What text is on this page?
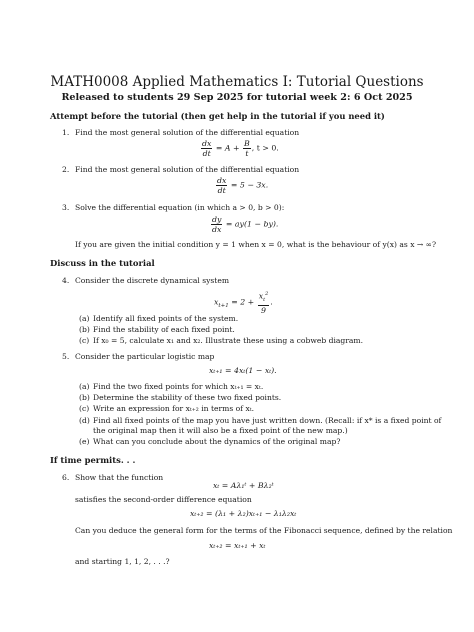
MATH0008 Applied Mathematics I: Tutorial Questions
Released to students 29 Sep 2025 for tutorial week 2: 6 Oct 2025
Attempt before the tutorial (then get help in the tutorial if you need it)
1. Find the most general solution of the differential equation
$\frac{dx}{dt} = A + \frac{B}{t}$ , t > 0.
2. Find the most general solution of the differential equation
$\frac{dx}{dt} = 5 - 3x$.
3. Solve the differential equation (in which a > 0, b > 0):
$\frac{dy}{dx} = ay(1 - by)$.
If you are given the initial condition y = 1 when x = 0, what is the behaviour of y(x) as x → ∞?
Discuss in the tutorial
4. Consider the discrete dynamical system
$x_{t+1} = 2 + \frac{x_t^2}{9}$ .
(a) Identify all fixed points of the system.
(b) Find the stability of each fixed point.
(c) If x₀ = 5, calculate x₁ and x₂. Illustrate these using a cobweb diagram.
5. Consider the particular logistic map
xₜ₊₁ = 4xₜ(1 − xₜ).
(a) Find the two fixed points for which xₜ₊₁ = xₜ.
(b) Determine the stability of these two fixed points.
(c) Write an expression for xₜ₊₂ in terms of xₜ.
(d) Find all fixed points of the map you have just written down. (Recall: if x* is a fixed point of
the original map then it will also be a fixed point of the new map.)
(e) What can you conclude about the dynamics of the original map?
If time permits. . .
6. Show that the function
xₜ = Aλ₁ᵗ + Bλ₂ᵗ
satisfies the second-order difference equation
xₜ₊₂ = (λ₁ + λ₂)xₜ₊₁ − λ₁λ₂xₜ
Can you deduce the general form for the terms of the Fibonacci sequence, defined by the relation
xₜ₊₂ = xₜ₊₁ + xₜ
and starting 1, 1, 2, . . .?
